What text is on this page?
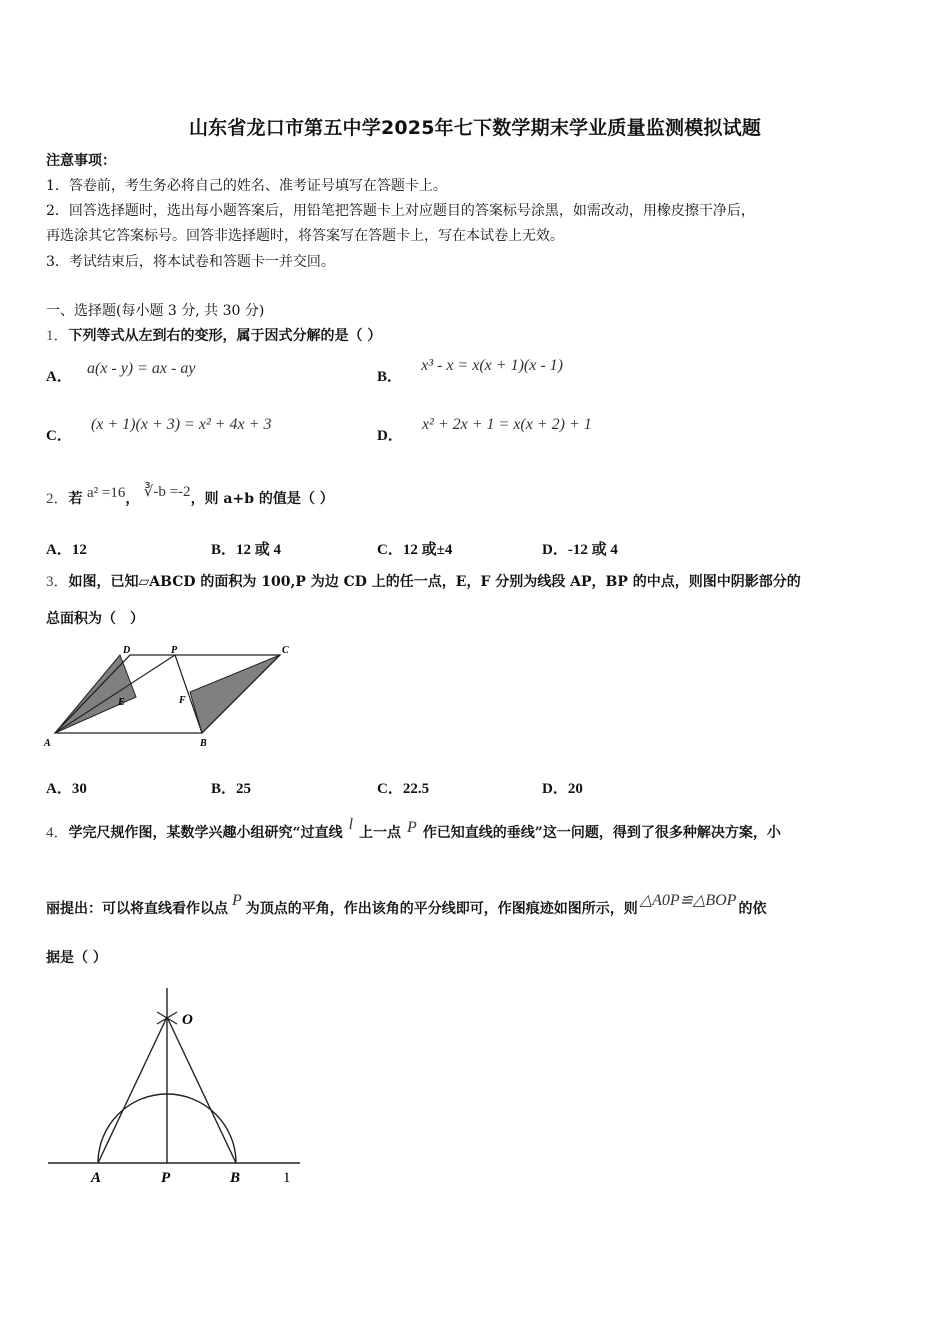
山东省龙口市第五中学2025年七下数学期末学业质量监测模拟试题
注意事项：
1．答卷前，考生务必将自己的姓名、准考证号填写在答题卡上。
2．回答选择题时，选出每小题答案后，用铅笔把答题卡上对应题目的答案标号涂黑，如需改动，用橡皮擦干净后，
再选涂其它答案标号。回答非选择题时，将答案写在答题卡上，写在本试卷上无效。
3．考试结束后，将本试卷和答题卡一并交回。
一、选择题(每小题 3 分, 共 30 分)
1．下列等式从左到右的变形，属于因式分解的是（ ）
A． a(x - y) = ax - ay	B． x³ - x = x(x + 1)(x - 1)
C． (x + 1)(x + 3) = x² + 4x + 3
D． x² + 2x + 1 = x(x + 2) + 1
2．若 a² =16， ∛-b =-2，则 a+b 的值是（ ）
A．12	B．12 或 4	C．12 或±4	D．-12 或 4
3．如图，已知▱ABCD 的面积为 100,P 为边 CD 上的任一点，E，F 分别为线段 AP，BP 的中点，则图中阴影部分的
总面积为（　）
A	B
C
D	P
E	F
A．30	B．25	C．22.5	D．20
4．学完尺规作图，某数学兴趣小组研究“过直线 l 上一点 P 作已知直线的垂线”这一问题，得到了很多种解决方案，小
丽提出：可以将直线看作以点 P 为顶点的平角，作出该角的平分线即可，作图痕迹如图所示，则 △A0P≌△BOP 的依
据是（ ）
O
A	P	B	1
